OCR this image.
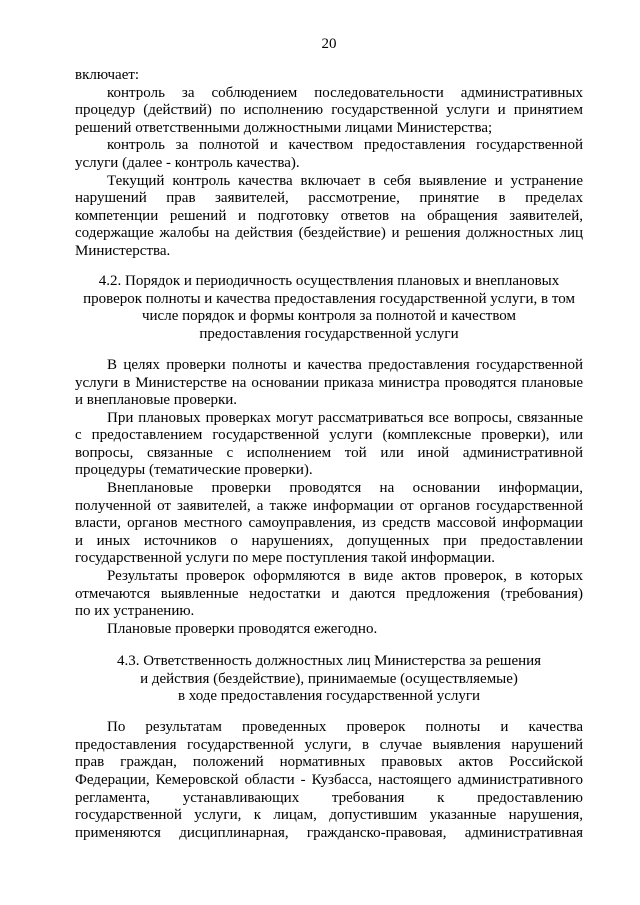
20
включает:
контроль за соблюдением последовательности административных
процедур (действий) по исполнению государственной услуги и принятием
решений ответственными должностными лицами Министерства;
контроль за полнотой и качеством предоставления государственной
услуги (далее - контроль качества).
Текущий контроль качества включает в себя выявление и устранение
нарушений прав заявителей, рассмотрение, принятие в пределах
компетенции решений и подготовку ответов на обращения заявителей,
содержащие жалобы на действия (бездействие) и решения должностных лиц
Министерства.
4.2. Порядок и периодичность осуществления плановых и внеплановых
проверок полноты и качества предоставления государственной услуги, в том
числе порядок и формы контроля за полнотой и качеством
предоставления государственной услуги
В целях проверки полноты и качества предоставления государственной
услуги в Министерстве на основании приказа министра проводятся плановые
и внеплановые проверки.
При плановых проверках могут рассматриваться все вопросы, связанные
с предоставлением государственной услуги (комплексные проверки), или
вопросы, связанные с исполнением той или иной административной
процедуры (тематические проверки).
Внеплановые проверки проводятся на основании информации,
полученной от заявителей, а также информации от органов государственной
власти, органов местного самоуправления, из средств массовой информации
и иных источников о нарушениях, допущенных при предоставлении
государственной услуги по мере поступления такой информации.
Результаты проверок оформляются в виде актов проверок, в которых
отмечаются выявленные недостатки и даются предложения (требования)
по их устранению.
Плановые проверки проводятся ежегодно.
4.3. Ответственность должностных лиц Министерства за решения
и действия (бездействие), принимаемые (осуществляемые)
в ходе предоставления государственной услуги
По результатам проведенных проверок полноты и качества
предоставления государственной услуги, в случае выявления нарушений
прав граждан, положений нормативных правовых актов Российской
Федерации, Кемеровской области - Кузбасса, настоящего административного
регламента, устанавливающих требования к предоставлению
государственной услуги, к лицам, допустившим указанные нарушения,
применяются дисциплинарная, гражданско-правовая, административная
